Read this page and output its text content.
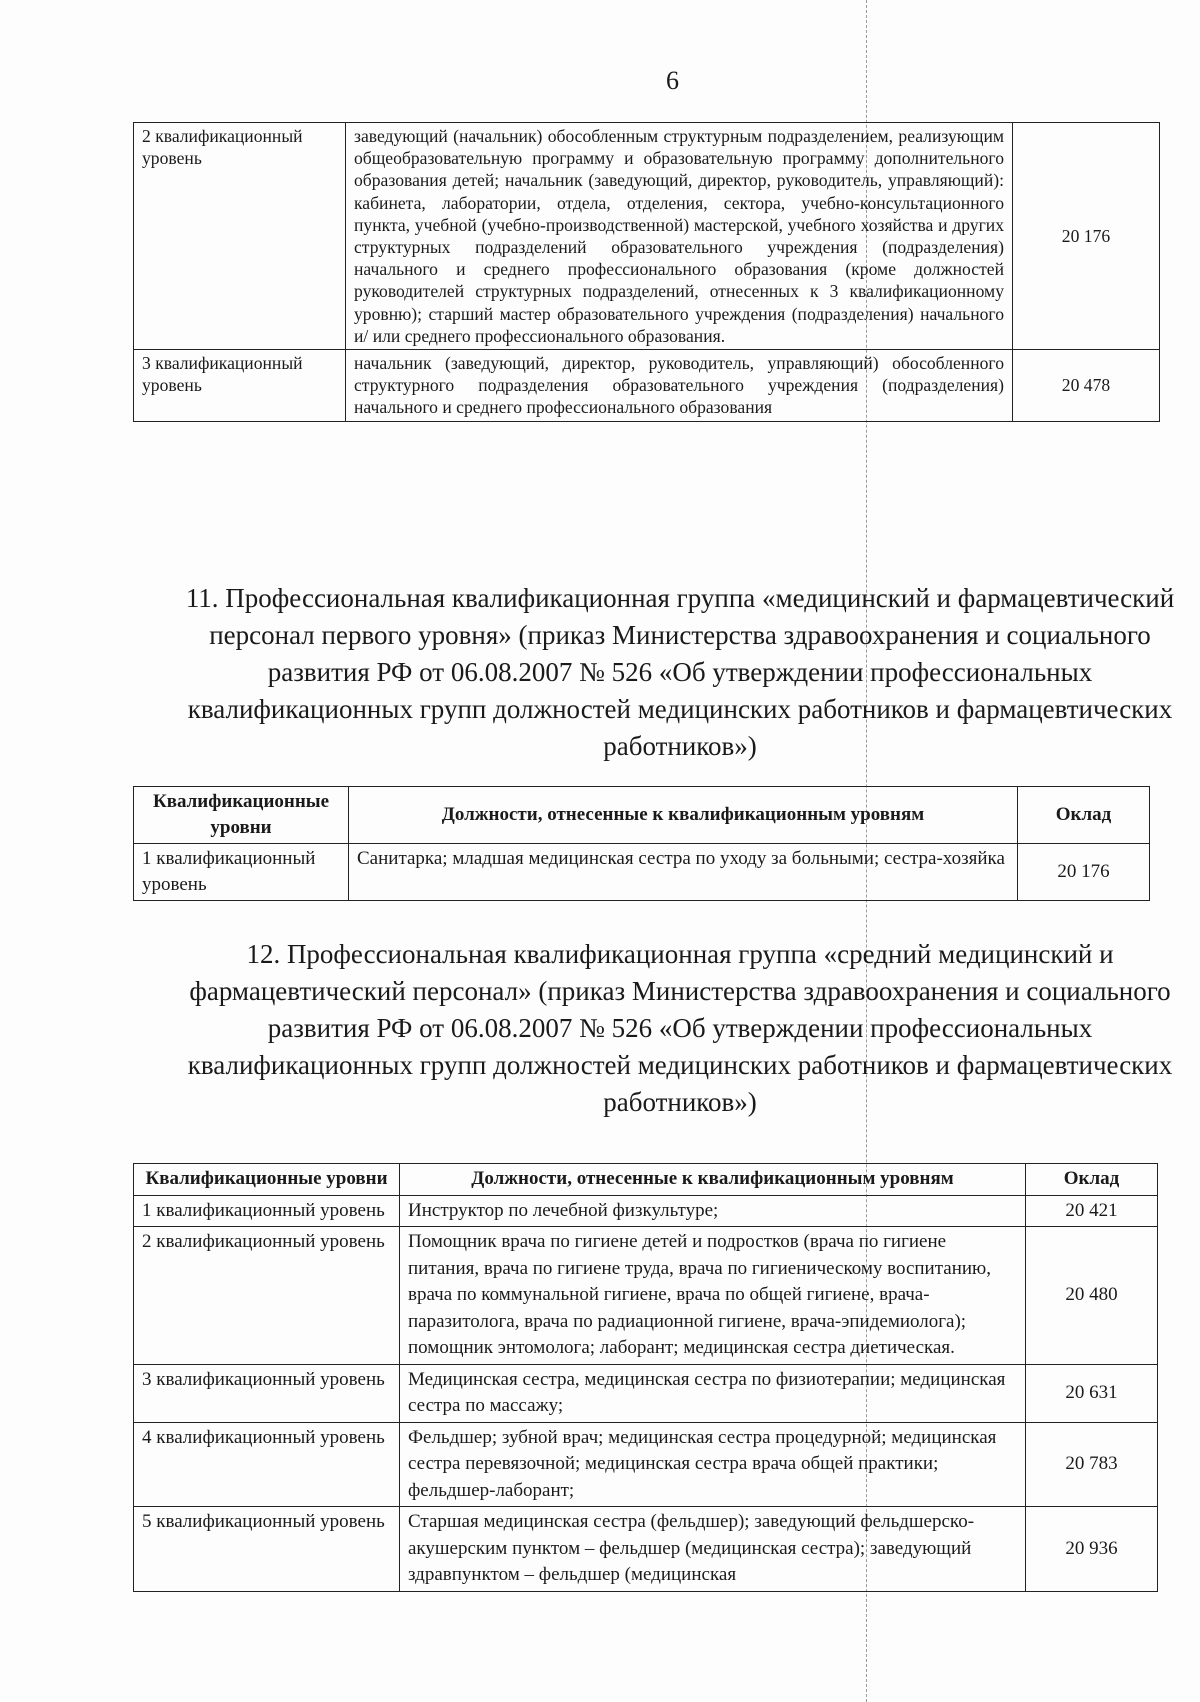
6
2 квалификационный уровень	заведующий (начальник) обособленным структурным подразделением, реализующим общеобразовательную программу и образовательную программу дополнительного образования детей; начальник (заведующий, директор, руководитель, управляющий): кабинета, лаборатории, отдела, отделения, сектора, учебно-консультационного пункта, учебной (учебно-производственной) мастерской, учебного хозяйства и других структурных подразделений образовательного учреждения (подразделения) начального и среднего профессионального образования (кроме должностей руководителей структурных подразделений, отнесенных к 3 квалификационному уровню); старший мастер образовательного учреждения (подразделения) начального и/ или среднего профессионального образования.	20 176
3 квалификационный уровень	начальник (заведующий, директор, руководитель, управляющий) обособленного структурного подразделения образовательного учреждения (подразделения) начального и среднего профессионального образования	20 478
11. Профессиональная квалификационная группа «медицинский и фармацевтический персонал первого уровня» (приказ Министерства здравоохранения и социального развития РФ от 06.08.2007 № 526 «Об утверждении профессиональных квалификационных групп должностей медицинских работников и фармацевтических работников»)
Квалификационные уровни	Должности, отнесенные к квалификационным уровням	Оклад
1 квалификационный уровень	Санитарка; младшая медицинская сестра по уходу за больными; сестра-хозяйка	20 176
12. Профессиональная квалификационная группа «средний медицинский и фармацевтический персонал» (приказ Министерства здравоохранения и социального развития РФ от 06.08.2007 № 526 «Об утверждении профессиональных квалификационных групп должностей медицинских работников и фармацевтических работников»)
Квалификационные уровни	Должности, отнесенные к квалификационным уровням	Оклад
1 квалификационный уровень	Инструктор по лечебной физкультуре;	20 421
2 квалификационный уровень	Помощник врача по гигиене детей и подростков (врача по гигиене питания, врача по гигиене труда, врача по гигиеническому воспитанию, врача по коммунальной гигиене, врача по общей гигиене, врача-паразитолога, врача по радиационной гигиене, врача-эпидемиолога); помощник энтомолога; лаборант; медицинская сестра диетическая.	20 480
3 квалификационный уровень	Медицинская сестра, медицинская сестра по физиотерапии; медицинская сестра по массажу;	20 631
4 квалификационный уровень	Фельдшер; зубной врач; медицинская сестра процедурной; медицинская сестра перевязочной; медицинская сестра врача общей практики; фельдшер-лаборант;	20 783
5 квалификационный уровень	Старшая медицинская сестра (фельдшер); заведующий фельдшерско-акушерским пунктом – фельдшер (медицинская сестра); заведующий здравпунктом – фельдшер (медицинская	20 936
